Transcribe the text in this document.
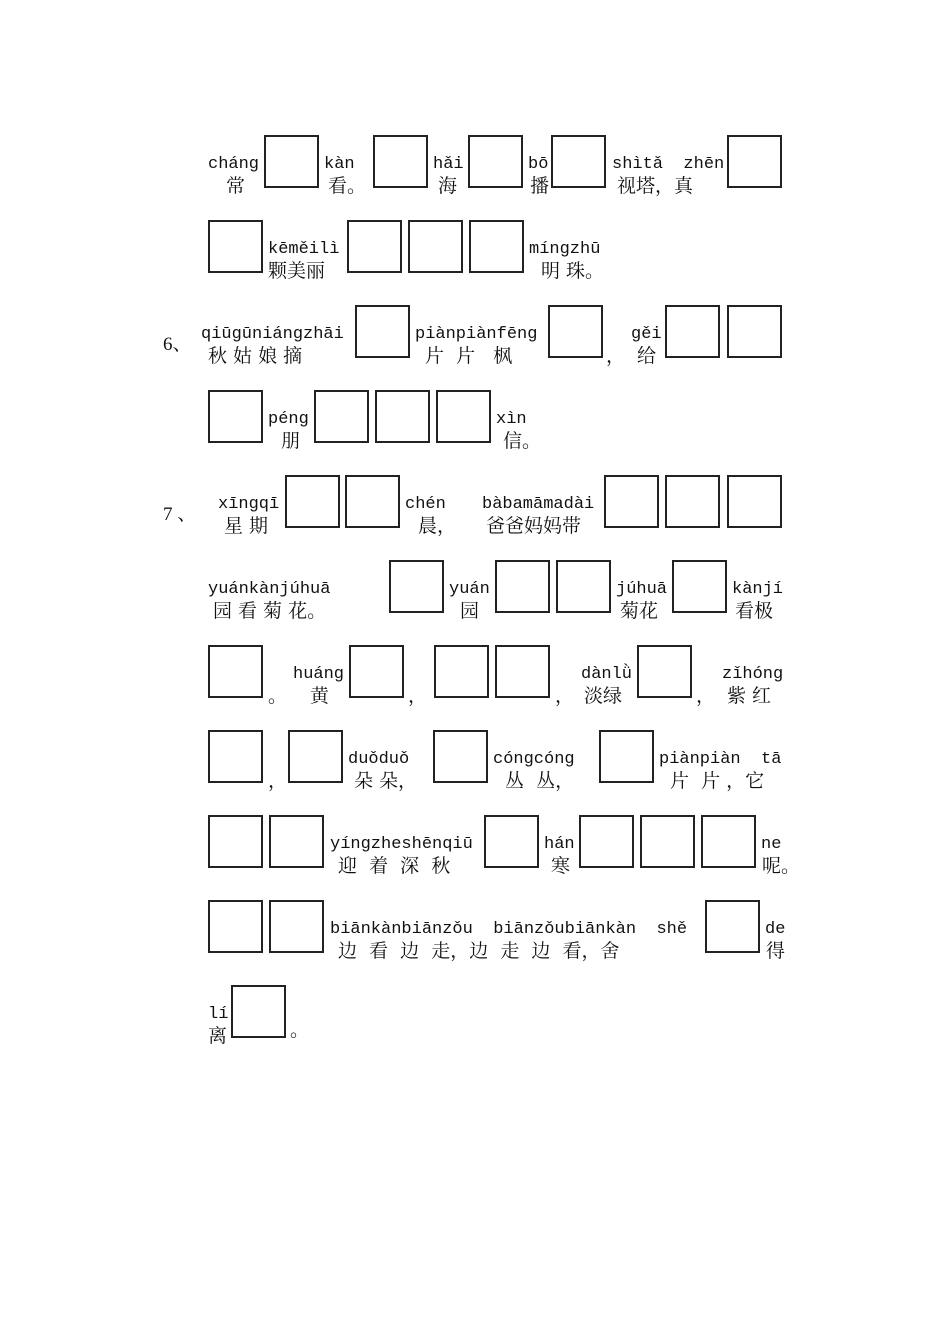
cháng
常
kàn
看。
hǎi
海
bō
播
shìtǎ  zhēn
视塔，真
kēměilì
颗美丽
míngzhū
明 珠。
6、 qiūgūniángzhāi
秋 姑 娘 摘
piànpiànfēng
片  片   枫	，
gěi
给
péng
朋
xìn
信。
7 、 xīngqī
星 期
chén
晨，
bàbamāmadài
爸爸妈妈带
yuánkànjúhuā
园 看 菊 花。
yuán
园
júhuā
菊花
kànjí
看极
。
huáng
黄	，	，
dànlǜ
淡绿	，
zǐhóng
紫 红
，
duǒduǒ
朵 朵，
cóngcóng
丛  丛，
piànpiàn  tā
片  片 ，它
yíngzheshēnqiū
迎  着  深  秋
hán
寒
ne
呢。
biānkànbiānzǒu  biānzǒubiānkàn  shě
边  看  边  走，边  走  边  看，舍
de
得
lí
离	。
